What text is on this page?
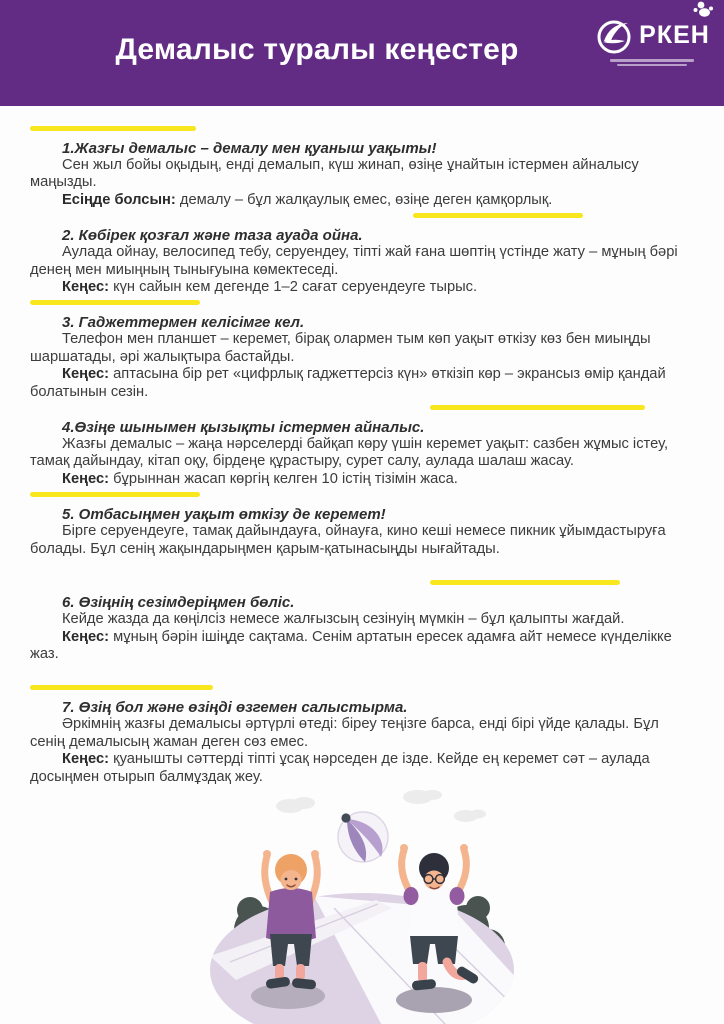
Демалыс туралы кеңестер	РКЕН
1.Жазғы демалыс – демалу мен қуаныш уақыты!

Сен жыл бойы оқыдың, енді демалып, күш жинап, өзіңе ұнайтын істермен айналысу маңызды.

Есіңде болсын: демалу – бұл жалқаулық емес, өзіңе деген қамқорлық.

2. Көбірек қозғал және таза ауада ойна.

Аулада ойнау, велосипед тебу, серуендеу, тіпті жай ғана шөптің үстінде жату – мұның бәрі денең мен миыңның тынығуына көмектеседі.

Кеңес: күн сайын кем дегенде 1–2 сағат серуендеуге тырыс.

3. Гаджеттермен келісімге кел.

Телефон мен планшет – керемет, бірақ олармен тым көп уақыт өткізу көз бен миыңды шаршатады, әрі жалықтыра бастайды.

Кеңес: аптасына бір рет «цифрлық гаджеттерсіз күн» өткізіп көр – экрансыз өмір қандай болатынын сезін.

4.Өзіңе шынымен қызықты істермен айналыс.

Жазғы демалыс – жаңа нәрселерді байқап көру үшін керемет уақыт: сазбен жұмыс істеу, тамақ дайындау, кітап оқу, бірдеңе құрастыру, сурет салу, аулада шалаш жасау.

Кеңес: бұрыннан жасап көргің келген 10 істің тізімін жаса.

5. Отбасыңмен уақыт өткізу де керемет!

Бірге серуендеуге, тамақ дайындауға, ойнауға, кино кеші немесе пикник ұйымдастыруға болады. Бұл сенің жақындарыңмен қарым-қатынасыңды нығайтады.

6. Өзіңнің сезімдеріңмен бөліс.

Кейде жазда да көңілсіз немесе жалғызсың сезінуің мүмкін – бұл қалыпты жағдай.

Кеңес: мұның бәрін ішіңде сақтама. Сенім артатын ересек адамға айт немесе күнделікке жаз.

7. Өзің бол және өзіңді өзгемен салыстырма.

Әркімнің жазғы демалысы әртүрлі өтеді: біреу теңізге барса, енді бірі үйде қалады. Бұл сенің демалысың жаман деген сөз емес.

Кеңес: қуанышты сәттерді тіпті ұсақ нәрседен де ізде. Кейде ең керемет сәт – аулада досыңмен отырып балмұздақ жеу.
